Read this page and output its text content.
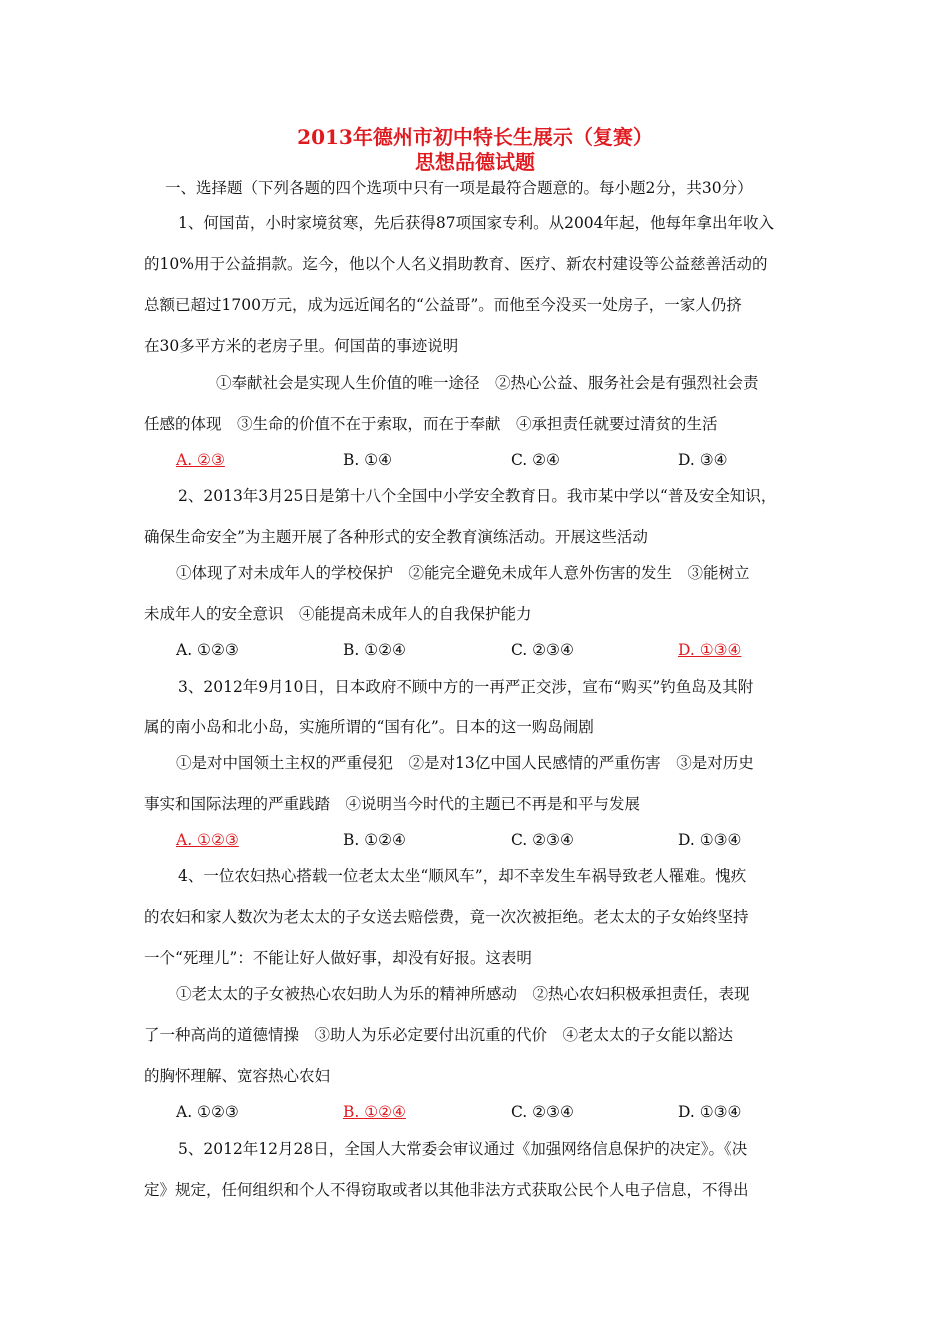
2013年德州市初中特长生展示（复赛）
思想品德试题

一、选择题（下列各题的四个选项中只有一项是最符合题意的。每小题2分，共30分）

1、何国苗，小时家境贫寒，先后获得87项国家专利。从2004年起，他每年拿出年收入

的10%用于公益捐款。迄今，他以个人名义捐助教育、医疗、新农村建设等公益慈善活动的

总额已超过1700万元，成为远近闻名的“公益哥”。而他至今没买一处房子，一家人仍挤

在30多平方米的老房子里。何国苗的事迹说明

①奉献社会是实现人生价值的唯一途径　②热心公益、服务社会是有强烈社会责

任感的体现　③生命的价值不在于索取，而在于奉献　④承担责任就要过清贫的生活

A. ②③	B. ①④	C. ②④	D. ③④

2、2013年3月25日是第十八个全国中小学安全教育日。我市某中学以“普及安全知识，

确保生命安全”为主题开展了各种形式的安全教育演练活动。开展这些活动

①体现了对未成年人的学校保护　②能完全避免未成年人意外伤害的发生　③能树立

未成年人的安全意识　④能提高未成年人的自我保护能力

A. ①②③	B. ①②④	C. ②③④	D. ①③④

3、2012年9月10日，日本政府不顾中方的一再严正交涉，宣布“购买”钓鱼岛及其附

属的南小岛和北小岛，实施所谓的“国有化”。日本的这一购岛闹剧

①是对中国领土主权的严重侵犯　②是对13亿中国人民感情的严重伤害　③是对历史

事实和国际法理的严重践踏　④说明当今时代的主题已不再是和平与发展

A. ①②③	B. ①②④	C. ②③④	D. ①③④

4、一位农妇热心搭载一位老太太坐“顺风车”，却不幸发生车祸导致老人罹难。愧疚

的农妇和家人数次为老太太的子女送去赔偿费，竟一次次被拒绝。老太太的子女始终坚持

一个“死理儿”：不能让好人做好事，却没有好报。这表明

①老太太的子女被热心农妇助人为乐的精神所感动　②热心农妇积极承担责任，表现

了一种高尚的道德情操　③助人为乐必定要付出沉重的代价　④老太太的子女能以豁达

的胸怀理解、宽容热心农妇

A. ①②③	B. ①②④	C. ②③④	D. ①③④

5、2012年12月28日，全国人大常委会审议通过《加强网络信息保护的决定》。《决

定》规定，任何组织和个人不得窃取或者以其他非法方式获取公民个人电子信息，不得出
